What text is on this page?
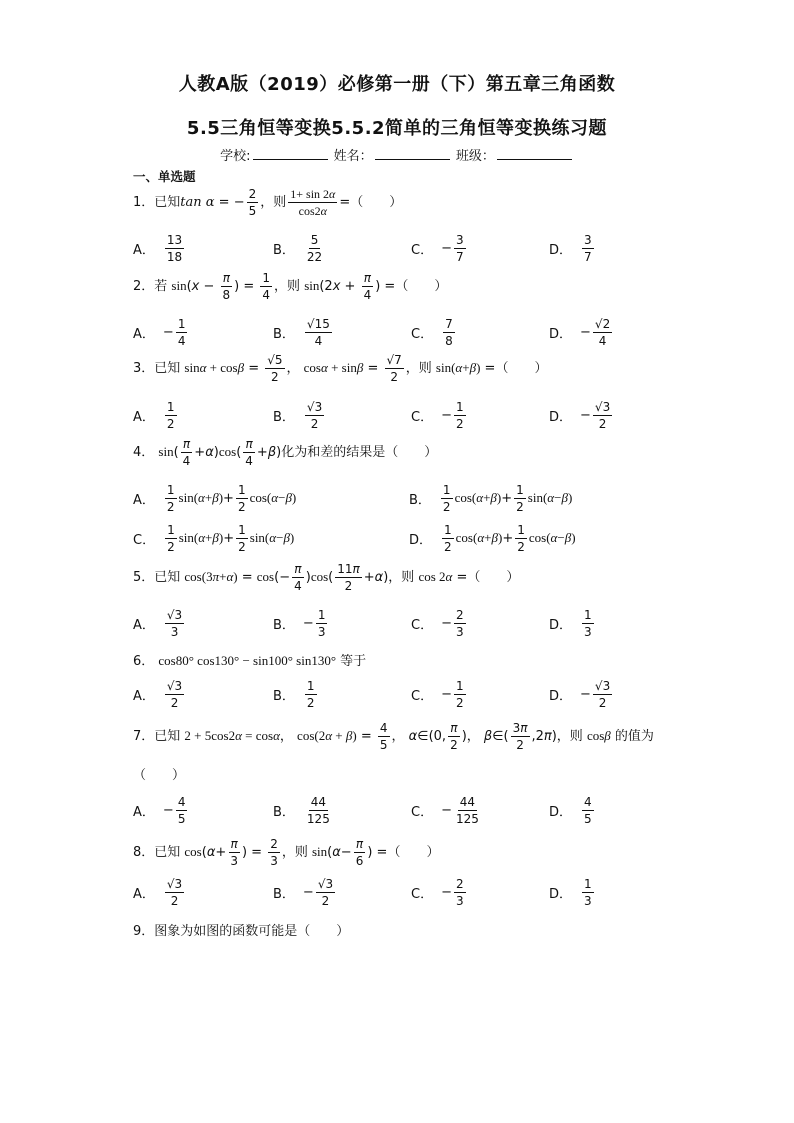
人教A版（2019）必修第一册（下）第五章三角函数
5.5三角恒等变换5.5.2简单的三角恒等变换练习题
学校:	姓名：	班级：
一、单选题
1．已知tan α = − $\frac{2}{5}$ ，则 $\frac{1+ \sin 2\alpha}{\cos 2\alpha}$ =（　　）
A． $\frac{13}{18}$	B． $\frac{5}{22}$	C． − $\frac{3}{7}$	D． $\frac{3}{7}$
2．若 $\sin(x - \frac{\pi}{8}$ ) = $\frac{1}{4}$ ，则 $\sin(2x + \frac{\pi}{4}$ ) =（　　）
A． − $\frac{1}{4}$	B． $\frac{√15}{4}$	C． $\frac{7}{8}$	D． − $\frac{√2}{4}$
3．已知 $\sin\alpha + \cos\beta = \frac{√5}{2}$ ， $\cos\alpha + \sin\beta = \frac{√7}{2}$ ，则 sin(α+β) =（　　）
A． $\frac{1}{2}$	B． $\frac{√3}{2}$	C． − $\frac{1}{2}$	D． − $\frac{√3}{2}$
4． $\sin( \frac{\pi}{4} +\alpha)\cos( \frac{\pi}{4} +\beta)$化为和差的结果是（　　）
A． $\frac{1}{2} \sin(\alpha+\beta) + \frac{1}{2} \cos(\alpha-\beta)$	B． $\frac{1}{2} \cos(\alpha+\beta) + \frac{1}{2} \sin(\alpha-\beta)$
C． $\frac{1}{2} \sin(\alpha+\beta) + \frac{1}{2} \sin(\alpha-\beta)$	D． $\frac{1}{2} \cos(\alpha+\beta) + \frac{1}{2} \cos(\alpha-\beta)$
5．已知 $\cos(3\pi+\alpha) = \cos(- \frac{\pi}{4} )\cos( \frac{11\pi}{2} +\alpha)$，则 cos 2α =（　　）
A． $\frac{√3}{3}$	B． − $\frac{1}{3}$	C． − $\frac{2}{3}$	D． $\frac{1}{3}$
6． cos80° cos130° − sin100° sin130° 等于
A． $\frac{√3}{2}$	B． $\frac{1}{2}$	C． − $\frac{1}{2}$	D． − $\frac{√3}{2}$
7．已知 2 + 5cos2α = cosα， $\cos(2\alpha + \beta) = \frac{4}{5}$ ， α∈(0, $\frac{\pi}{2}$ )， β∈( $\frac{3\pi}{2} ,2\pi$)，则 cosβ 的值为
（　　）
A． − $\frac{4}{5}$	B． $\frac{44}{125}$	C． − $\frac{44}{125}$	D． $\frac{4}{5}$
8．已知 $\cos(\alpha+ \frac{\pi}{3}$ ) = $\frac{2}{3}$ ，则 $\sin(\alpha- \frac{\pi}{6}$ ) =（　　）
A． $\frac{√3}{2}$	B． − $\frac{√3}{2}$	C． − $\frac{2}{3}$	D． $\frac{1}{3}$
9．图象为如图的函数可能是（　　）
